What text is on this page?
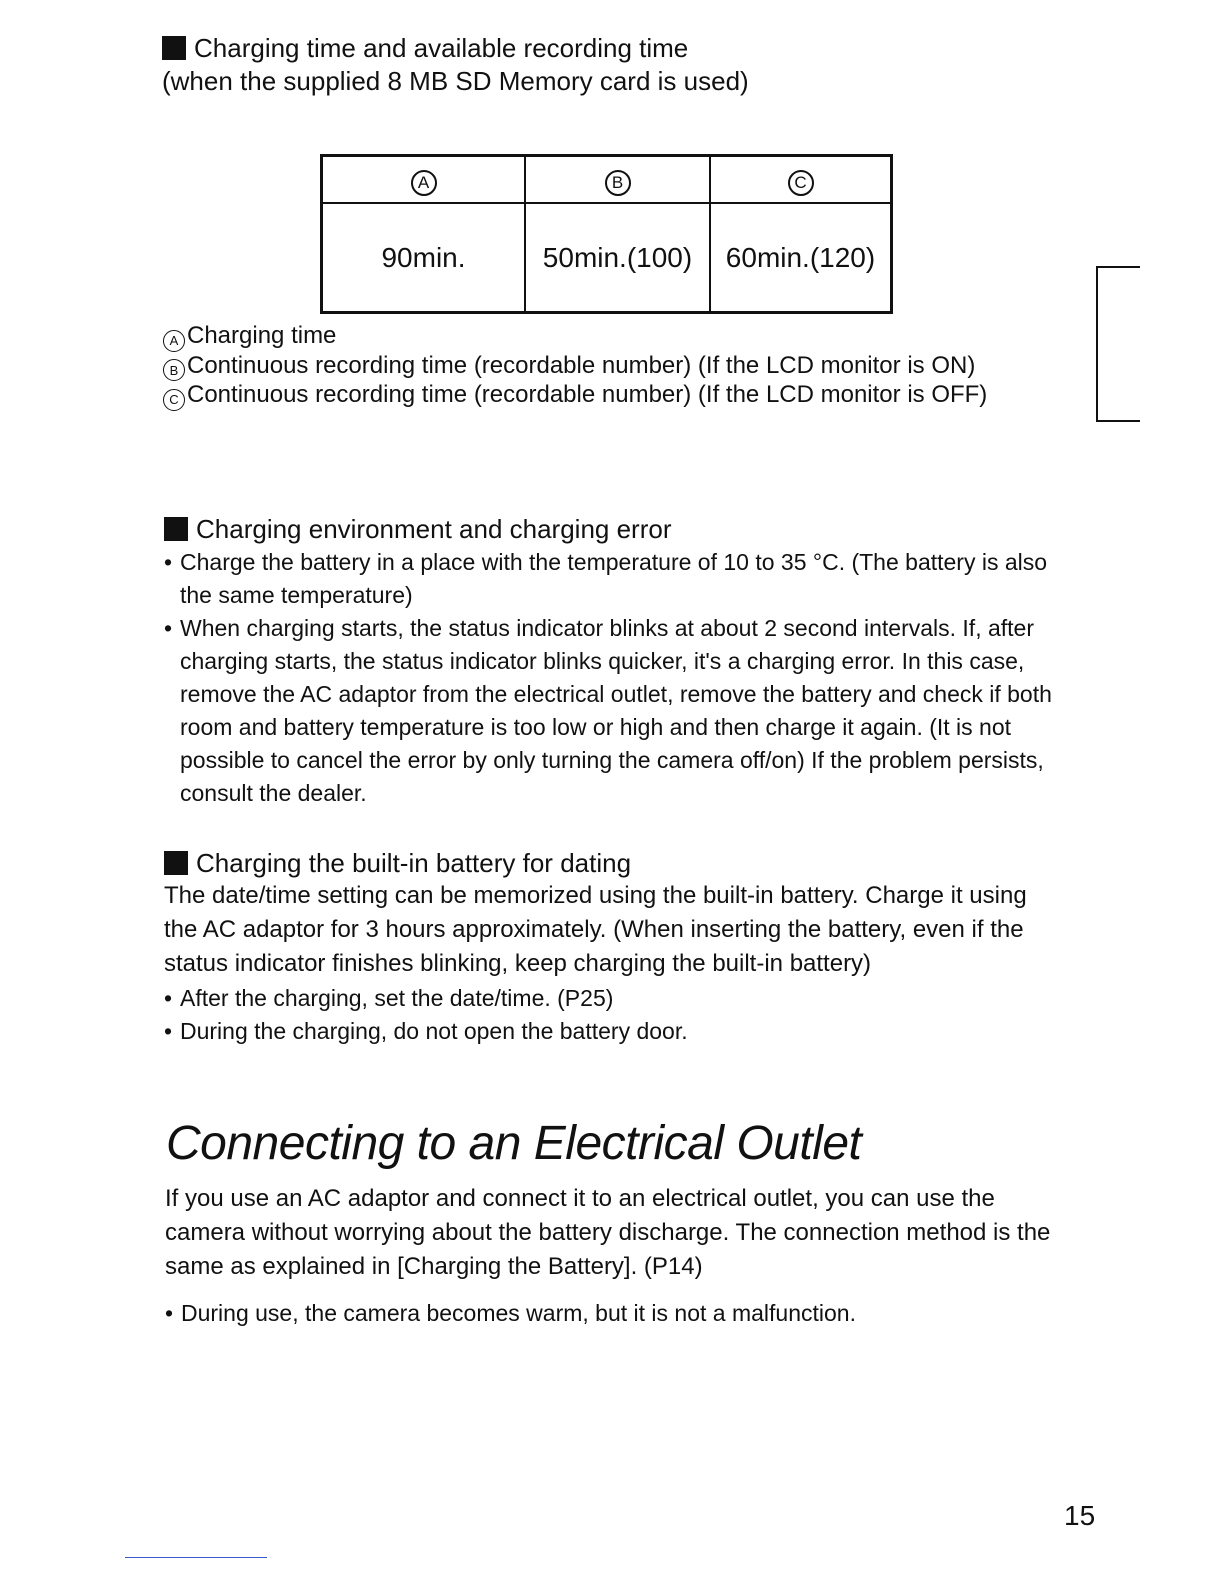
Charging time and available recording time
(when the supplied 8 MB SD Memory card is used)
A	B	C
90min.	50min.(100)	60min.(120)
A Charging time
B Continuous recording time (recordable number) (If the LCD monitor is ON)
C Continuous recording time (recordable number) (If the LCD monitor is OFF)
Charging environment and charging error
• Charge the battery in a place with the temperature of 10 to 35 °C. (The battery is also the same temperature)
• When charging starts, the status indicator blinks at about 2 second intervals. If, after charging starts, the status indicator blinks quicker, it's a charging error. In this case, remove the AC adaptor from the electrical outlet, remove the battery and check if both room and battery temperature is too low or high and then charge it again. (It is not possible to cancel the error by only turning the camera off/on) If the problem persists, consult the dealer.
Charging the built-in battery for dating
The date/time setting can be memorized using the built-in battery. Charge it using the AC adaptor for 3 hours approximately. (When inserting the battery, even if the status indicator finishes blinking, keep charging the built-in battery)
• After the charging, set the date/time. (P25)
• During the charging, do not open the battery door.
Connecting to an Electrical Outlet
If you use an AC adaptor and connect it to an electrical outlet, you can use the camera without worrying about the battery discharge. The connection method is the same as explained in [Charging the Battery]. (P14)
• During use, the camera becomes warm, but it is not a malfunction.
15
